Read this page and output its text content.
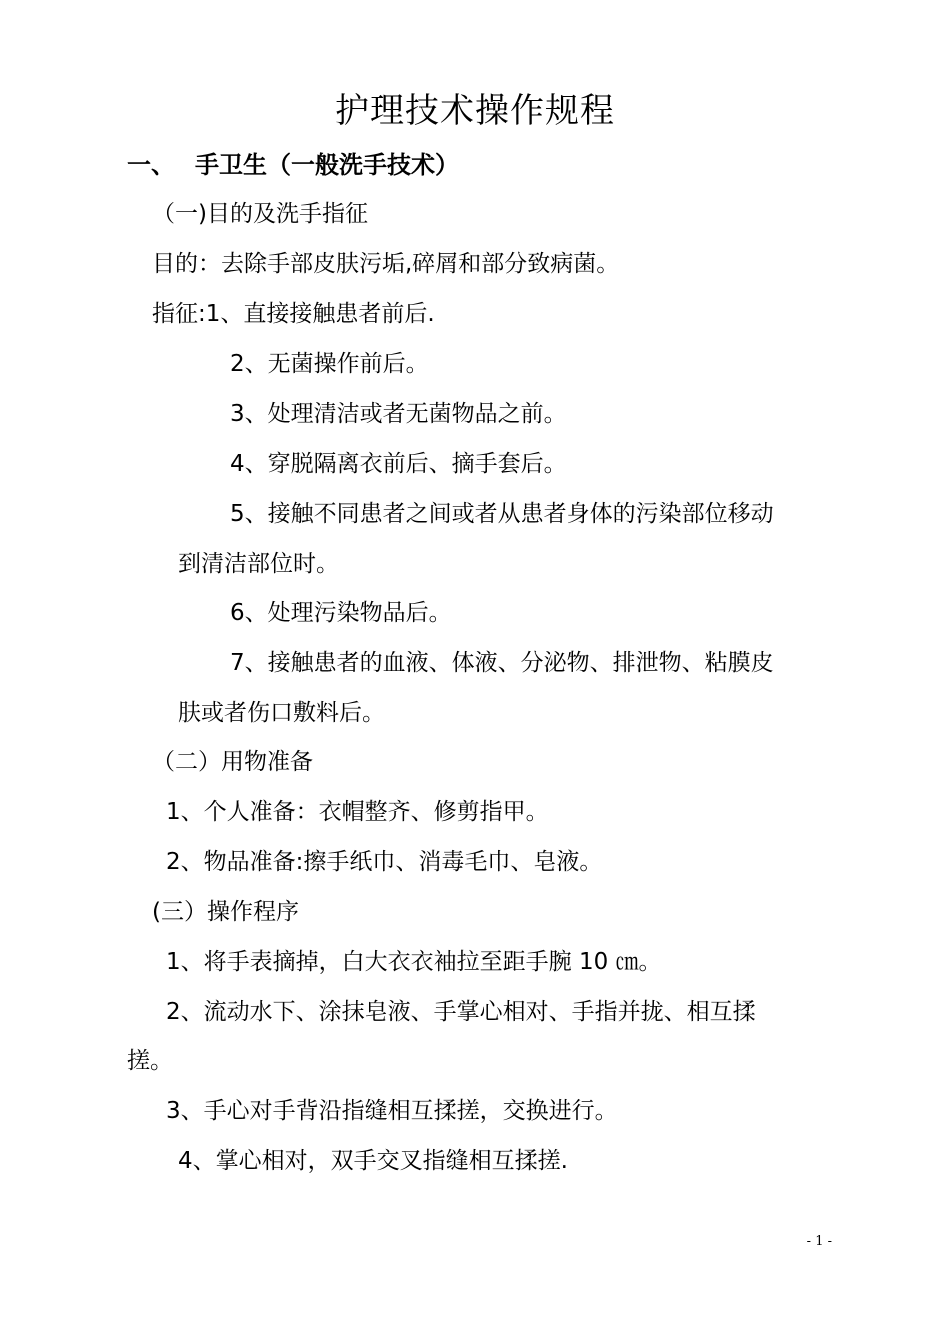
护理技术操作规程
一、 手卫生（一般洗手技术）
（一)目的及洗手指征
目的：去除手部皮肤污垢,碎屑和部分致病菌。
指征:1、直接接触患者前后.
2、无菌操作前后。
3、处理清洁或者无菌物品之前。
4、穿脱隔离衣前后、摘手套后。
5、接触不同患者之间或者从患者身体的污染部位移动
到清洁部位时。
6、处理污染物品后。
7、接触患者的血液、体液、分泌物、排泄物、粘膜皮
肤或者伤口敷料后。
（二）用物准备
1、个人准备：衣帽整齐、修剪指甲。
2、物品准备:擦手纸巾、消毒毛巾、皂液。
(三）操作程序
1、将手表摘掉，白大衣衣袖拉至距手腕 10 ㎝。
2、流动水下、涂抹皂液、手掌心相对、手指并拢、相互揉
搓。
3、手心对手背沿指缝相互揉搓，交换进行。
4、掌心相对，双手交叉指缝相互揉搓.
- 1 -
